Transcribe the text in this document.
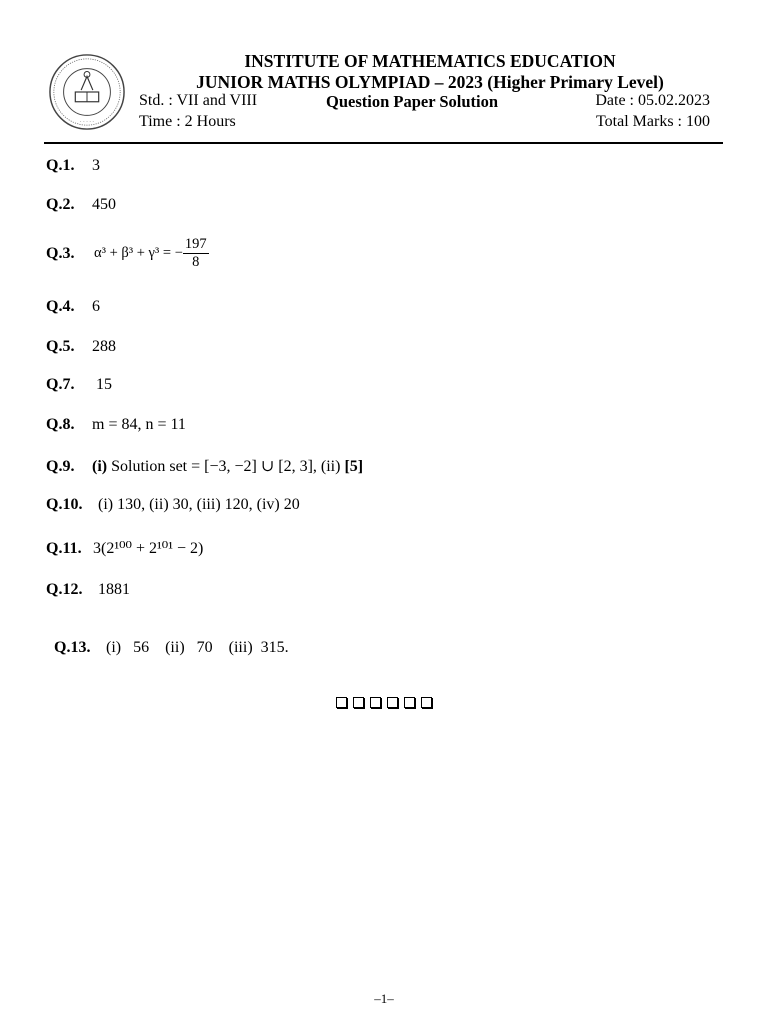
· · · · ·
INSTITUTE OF MATHEMATICS EDUCATION
JUNIOR MATHS OLYMPIAD – 2023 (Higher Primary Level)
Std. : VII and VIII	Question Paper Solution	Date : 05.02.2023
Time : 2 Hours	Total Marks : 100
Q.1. 3
Q.2. 450
Q.3. α³ + β³ + γ³ = − $\frac{197}{8}$
Q.4. 6
Q.5. 288
Q.7. 15
Q.8. m = 84, n = 11
Q.9. (i) Solution set = [−3, −2] ∪ [2, 3], (ii) [5]
Q.10. (i) 130, (ii) 30, (iii) 120, (iv) 20
Q.11. 3(2¹⁰⁰ + 2¹⁰¹ − 2)
Q.12. 1881

Q.13. (i)   56    (ii)   70    (iii)  315.

–1–
